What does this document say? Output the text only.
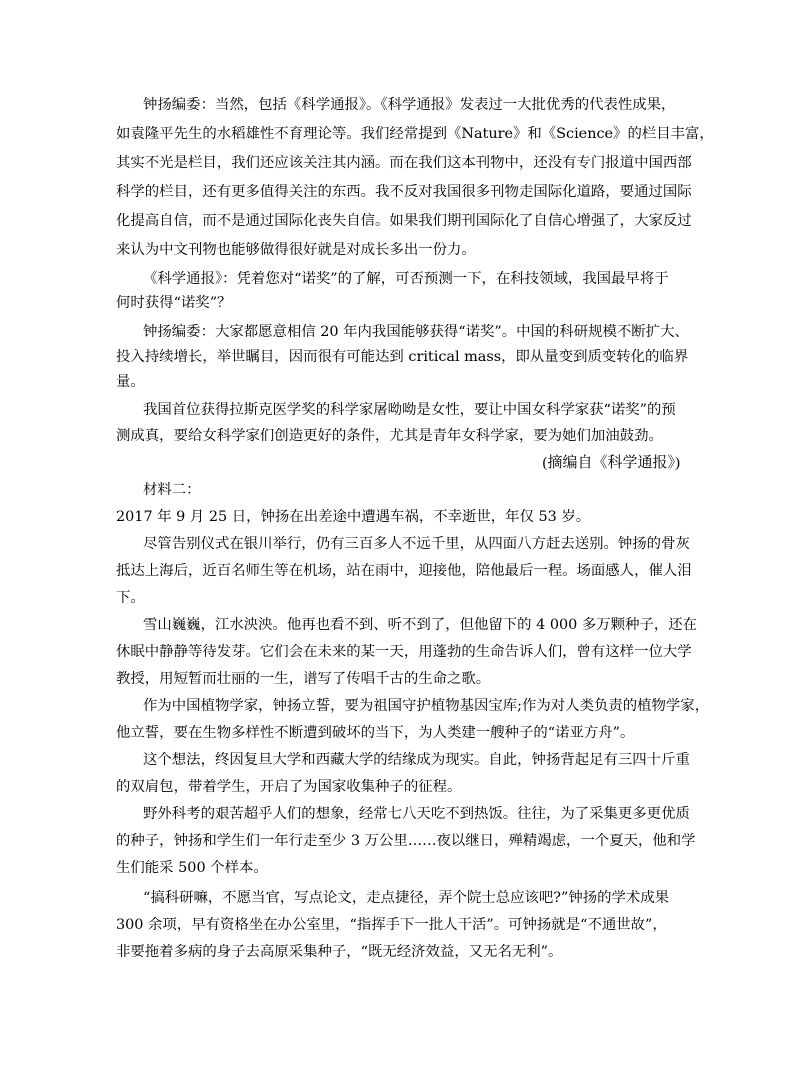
钟扬编委：当然，包括《科学通报》。《科学通报》发表过一大批优秀的代表性成果，
如袁隆平先生的水稻雄性不育理论等。我们经常提到《Nature》和《Science》的栏目丰富，
其实不光是栏目，我们还应该关注其内涵。而在我们这本刊物中，还没有专门报道中国西部
科学的栏目，还有更多值得关注的东西。我不反对我国很多刊物走国际化道路，要通过国际
化提高自信，而不是通过国际化丧失自信。如果我们期刊国际化了自信心增强了，大家反过
来认为中文刊物也能够做得很好就是对成长多出一份力。
《科学通报》：凭着您对“诺奖”的了解，可否预测一下，在科技领域，我国最早将于
何时获得“诺奖”？
钟扬编委：大家都愿意相信 20 年内我国能够获得“诺奖”。中国的科研规模不断扩大、
投入持续增长，举世瞩目，因而很有可能达到 critical mass，即从量变到质变转化的临界
量。
我国首位获得拉斯克医学奖的科学家屠呦呦是女性，要让中国女科学家获“诺奖”的预
测成真，要给女科学家们创造更好的条件，尤其是青年女科学家，要为她们加油鼓劲。
(摘编自《科学通报》)
材料二：
2017 年 9 月 25 日，钟扬在出差途中遭遇车祸，不幸逝世，年仅 53 岁。
尽管告别仪式在银川举行，仍有三百多人不远千里，从四面八方赶去送别。钟扬的骨灰
抵达上海后，近百名师生等在机场，站在雨中，迎接他，陪他最后一程。场面感人，催人泪
下。
雪山巍巍，江水泱泱。他再也看不到、听不到了，但他留下的 4 000 多万颗种子，还在
休眠中静静等待发芽。它们会在未来的某一天，用蓬勃的生命告诉人们，曾有这样一位大学
教授，用短暂而壮丽的一生，谱写了传唱千古的生命之歌。
作为中国植物学家，钟扬立誓，要为祖国守护植物基因宝库;作为对人类负责的植物学家，
他立誓，要在生物多样性不断遭到破坏的当下，为人类建一艘种子的“诺亚方舟”。
这个想法，终因复旦大学和西藏大学的结缘成为现实。自此，钟扬背起足有三四十斤重
的双肩包，带着学生，开启了为国家收集种子的征程。
野外科考的艰苦超乎人们的想象，经常七八天吃不到热饭。往往，为了采集更多更优质
的种子，钟扬和学生们一年行走至少 3 万公里……夜以继日，殚精竭虑，一个夏天，他和学
生们能采 500 个样本。
“搞科研嘛，不愿当官，写点论文，走点捷径，弄个院士总应该吧?”钟扬的学术成果
300 余项，早有资格坐在办公室里，“指挥手下一批人干活”。可钟扬就是“不通世故”，
非要拖着多病的身子去高原采集种子，“既无经济效益，又无名无利”。
